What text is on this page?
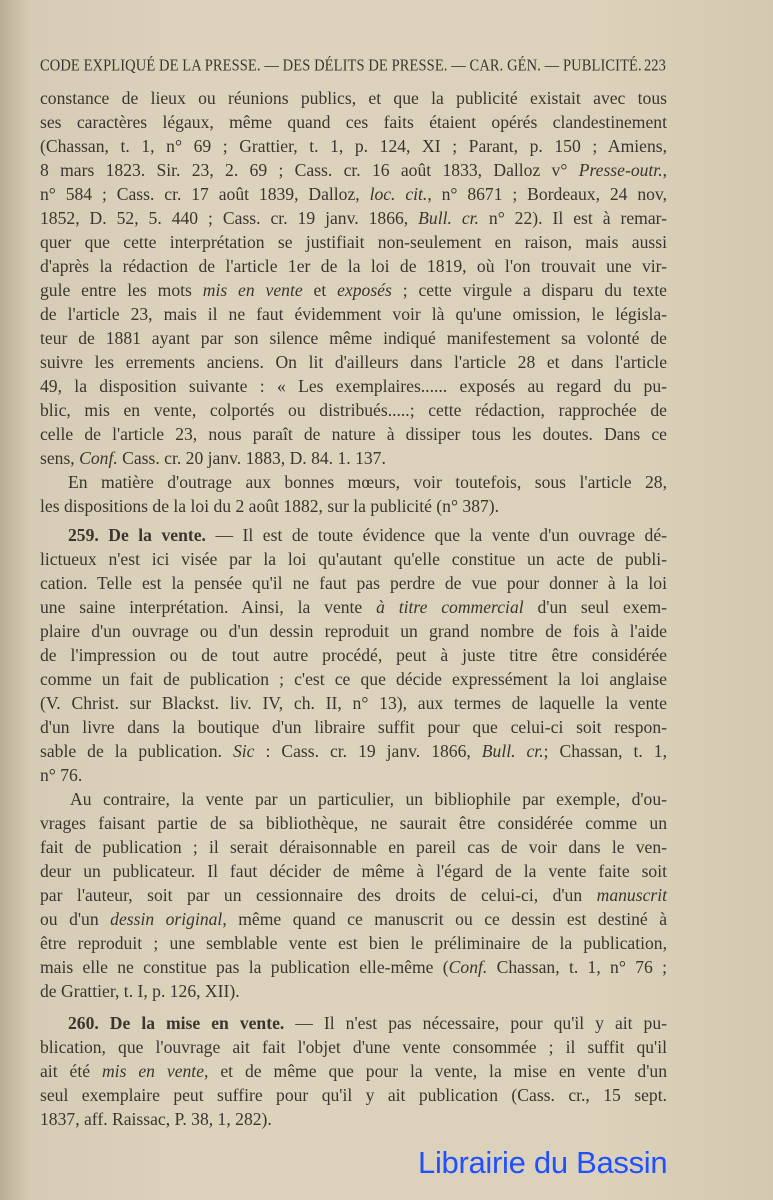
CODE EXPLIQUÉ DE LA PRESSE. — DES DÉLITS DE PRESSE. — CAR. GÉN. — PUBLICITÉ. 223
constance de lieux ou réunions publics, et que la publicité existait avec tous
ses caractères légaux, même quand ces faits étaient opérés clandestinement
(Chassan, t. 1, n° 69 ; Grattier, t. 1, p. 124, XI ; Parant, p. 150 ; Amiens,
8 mars 1823. Sir. 23, 2. 69 ; Cass. cr. 16 août 1833, Dalloz v° Presse-outr.,
n° 584 ; Cass. cr. 17 août 1839, Dalloz, loc. cit., n° 8671 ; Bordeaux, 24 nov,
1852, D. 52, 5. 440 ; Cass. cr. 19 janv. 1866, Bull. cr. n° 22). Il est à remar-
quer que cette interprétation se justifiait non-seulement en raison, mais aussi
d'après la rédaction de l'article 1er de la loi de 1819, où l'on trouvait une vir-
gule entre les mots mis en vente et exposés ; cette virgule a disparu du texte
de l'article 23, mais il ne faut évidemment voir là qu'une omission, le législa-
teur de 1881 ayant par son silence même indiqué manifestement sa volonté de
suivre les errements anciens. On lit d'ailleurs dans l'article 28 et dans l'article
49, la disposition suivante : « Les exemplaires...... exposés au regard du pu-
blic, mis en vente, colportés ou distribués.....; cette rédaction, rapprochée de
celle de l'article 23, nous paraît de nature à dissiper tous les doutes. Dans ce
sens, Conf. Cass. cr. 20 janv. 1883, D. 84. 1. 137.
En matière d'outrage aux bonnes mœurs, voir toutefois, sous l'article 28,
les dispositions de la loi du 2 août 1882, sur la publicité (n° 387).
259. De la vente. — Il est de toute évidence que la vente d'un ouvrage dé-
lictueux n'est ici visée par la loi qu'autant qu'elle constitue un acte de publi-
cation. Telle est la pensée qu'il ne faut pas perdre de vue pour donner à la loi
une saine interprétation. Ainsi, la vente à titre commercial d'un seul exem-
plaire d'un ouvrage ou d'un dessin reproduit un grand nombre de fois à l'aide
de l'impression ou de tout autre procédé, peut à juste titre être considérée
comme un fait de publication ; c'est ce que décide expressément la loi anglaise
(V. Christ. sur Blackst. liv. IV, ch. II, n° 13), aux termes de laquelle la vente
d'un livre dans la boutique d'un libraire suffit pour que celui-ci soit respon-
sable de la publication. Sic : Cass. cr. 19 janv. 1866, Bull. cr.; Chassan, t. 1,
n° 76.
Au contraire, la vente par un particulier, un bibliophile par exemple, d'ou-
vrages faisant partie de sa bibliothèque, ne saurait être considérée comme un
fait de publication ; il serait déraisonnable en pareil cas de voir dans le ven-
deur un publicateur. Il faut décider de même à l'égard de la vente faite soit
par l'auteur, soit par un cessionnaire des droits de celui-ci, d'un manuscrit
ou d'un dessin original, même quand ce manuscrit ou ce dessin est destiné à
être reproduit ; une semblable vente est bien le préliminaire de la publication,
mais elle ne constitue pas la publication elle-même (Conf. Chassan, t. 1, n° 76 ;
de Grattier, t. I, p. 126, XII).
260. De la mise en vente. — Il n'est pas nécessaire, pour qu'il y ait pu-
blication, que l'ouvrage ait fait l'objet d'une vente consommée ; il suffit qu'il
ait été mis en vente, et de même que pour la vente, la mise en vente d'un
seul exemplaire peut suffire pour qu'il y ait publication (Cass. cr., 15 sept.
1837, aff. Raissac, P. 38, 1, 282).
Librairie du Bassin
